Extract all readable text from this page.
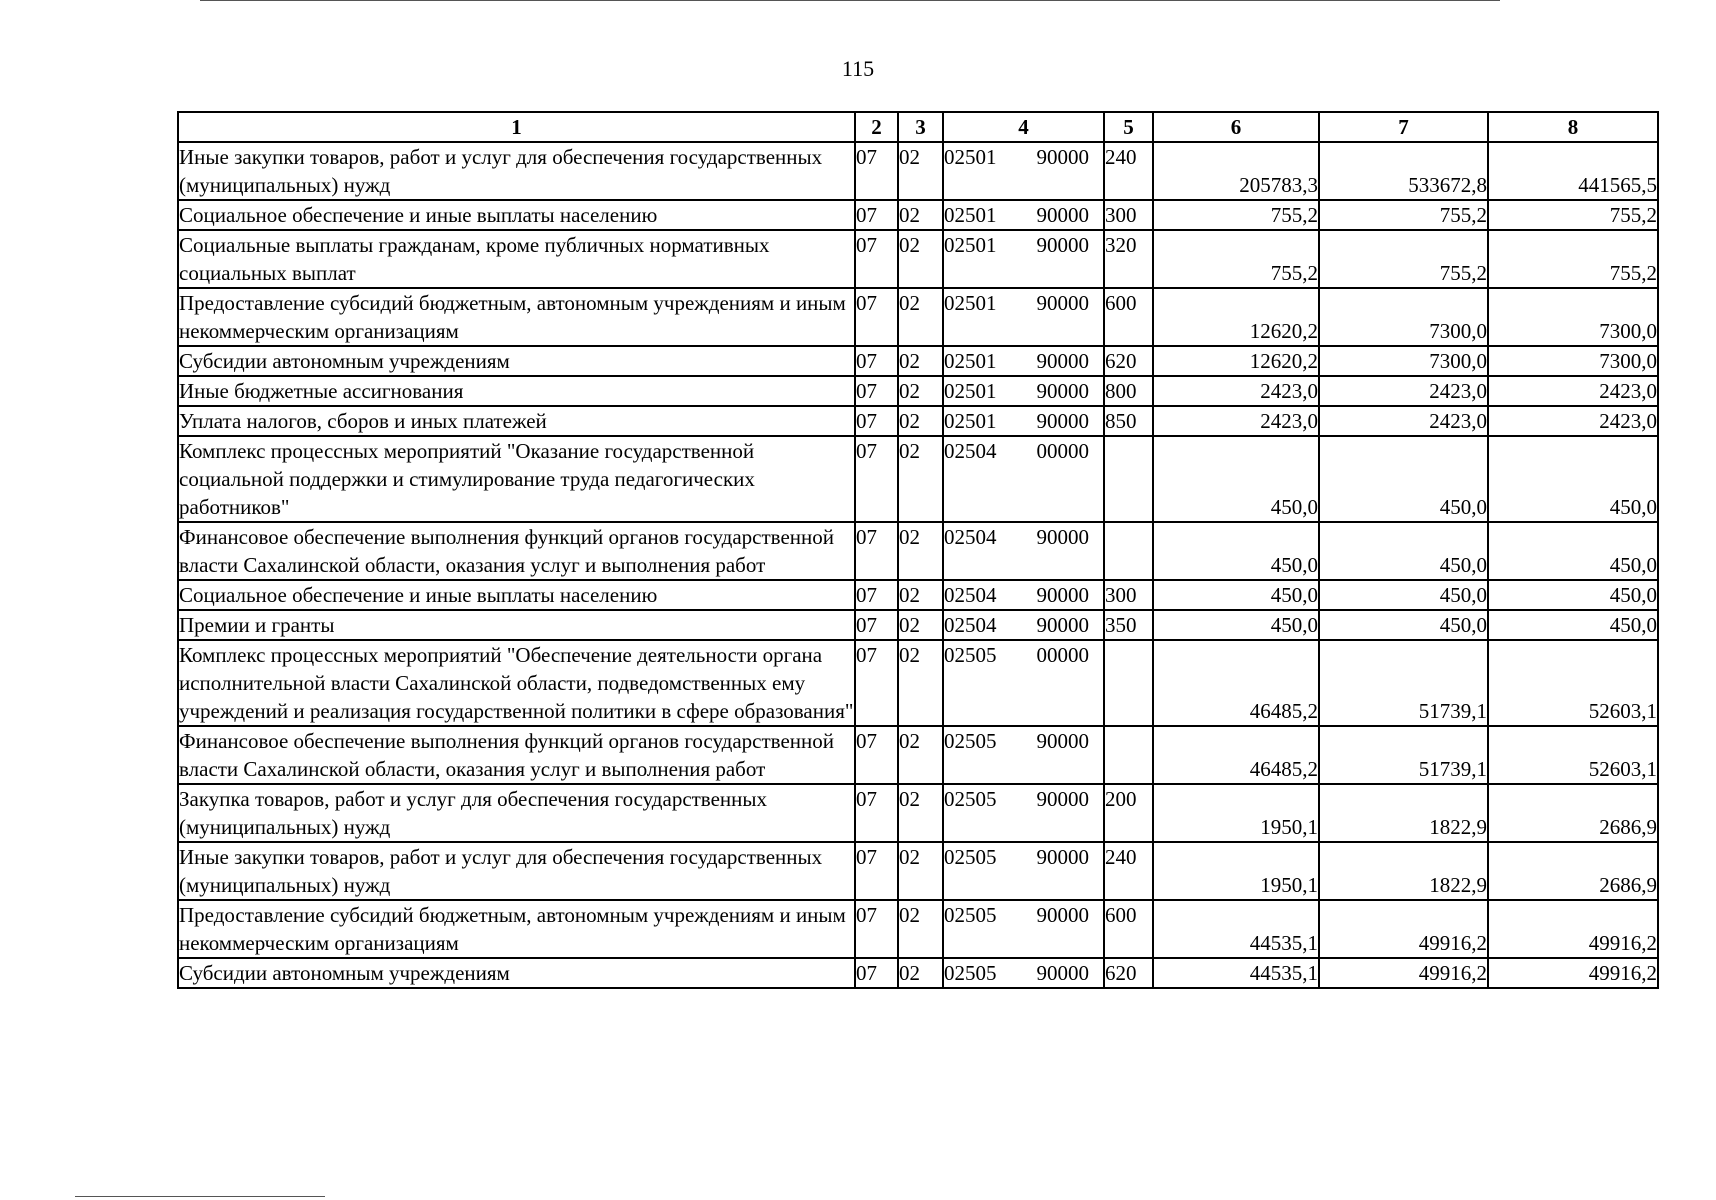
115
1	2	3	4	5	6	7	8
Иные закупки товаров, работ и услуг для обеспечения государственных (муниципальных) нужд	07	02	02501 90000	240	205783,3	533672,8	441565,5
Социальное обеспечение и иные выплаты населению	07	02	02501 90000	300	755,2	755,2	755,2
Социальные выплаты гражданам, кроме публичных нормативных социальных выплат	07	02	02501 90000	320	755,2	755,2	755,2
Предоставление субсидий бюджетным, автономным учреждениям и иным некоммерческим организациям	07	02	02501 90000	600	12620,2	7300,0	7300,0
Субсидии автономным учреждениям	07	02	02501 90000	620	12620,2	7300,0	7300,0
Иные бюджетные ассигнования	07	02	02501 90000	800	2423,0	2423,0	2423,0
Уплата налогов, сборов и иных платежей	07	02	02501 90000	850	2423,0	2423,0	2423,0
Комплекс процессных мероприятий "Оказание государственной социальной поддержки и стимулирование труда педагогических работников"	07	02	02504 00000		450,0	450,0	450,0
Финансовое обеспечение выполнения функций органов государственной власти Сахалинской области, оказания услуг и выполнения работ	07	02	02504 90000		450,0	450,0	450,0
Социальное обеспечение и иные выплаты населению	07	02	02504 90000	300	450,0	450,0	450,0
Премии и гранты	07	02	02504 90000	350	450,0	450,0	450,0
Комплекс процессных мероприятий "Обеспечение деятельности органа исполнительной власти Сахалинской области, подведомственных ему учреждений и реализация государственной политики в сфере образования"	07	02	02505 00000		46485,2	51739,1	52603,1
Финансовое обеспечение выполнения функций органов государственной власти Сахалинской области, оказания услуг и выполнения работ	07	02	02505 90000		46485,2	51739,1	52603,1
Закупка товаров, работ и услуг для обеспечения государственных (муниципальных) нужд	07	02	02505 90000	200	1950,1	1822,9	2686,9
Иные закупки товаров, работ и услуг для обеспечения государственных (муниципальных) нужд	07	02	02505 90000	240	1950,1	1822,9	2686,9
Предоставление субсидий бюджетным, автономным учреждениям и иным некоммерческим организациям	07	02	02505 90000	600	44535,1	49916,2	49916,2
Субсидии автономным учреждениям	07	02	02505 90000	620	44535,1	49916,2	49916,2
